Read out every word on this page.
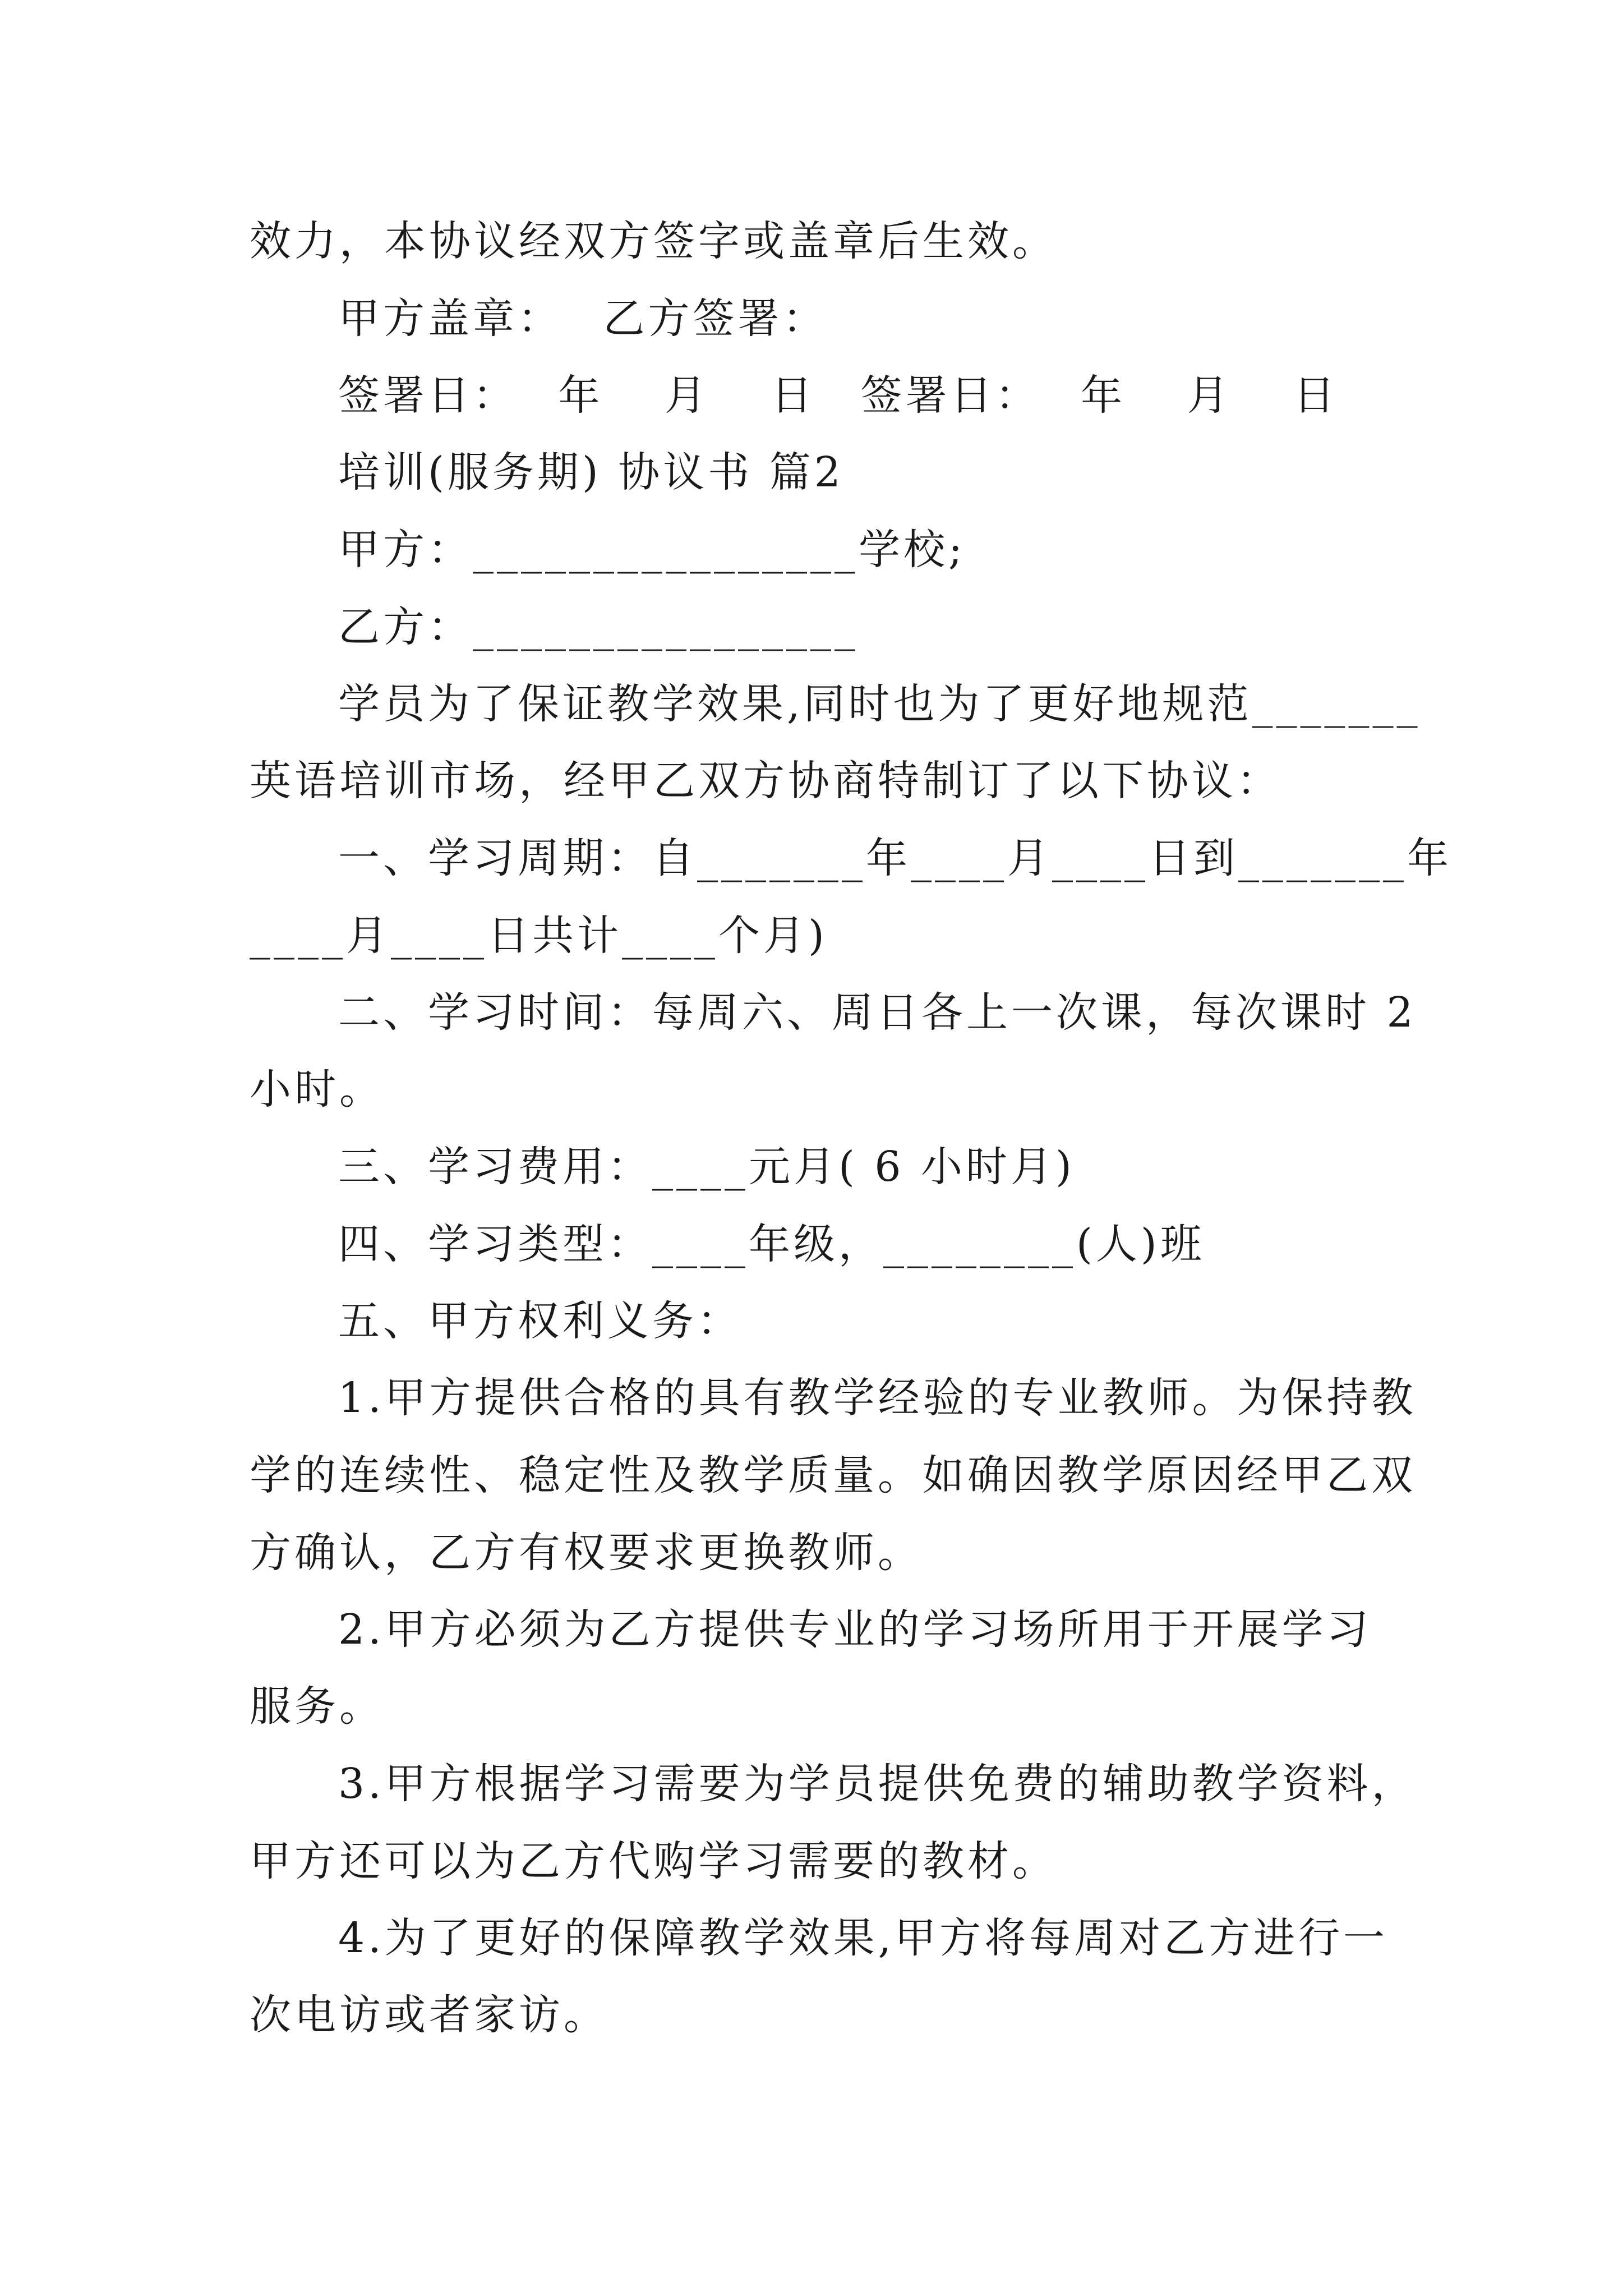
效力，本协议经双方签字或盖章后生效。
甲方盖章：　 乙方签署：
签署日：　 年　 月　 日　签署日：　 年　 月　 日
培训(服务期) 协议书 篇2
甲方：________________学校;
乙方：________________
学员为了保证教学效果,同时也为了更好地规范_______
英语培训市场，经甲乙双方协商特制订了以下协议：
一、学习周期：自_______年____月____日到_______年
____月____日共计____个月)
二、学习时间：每周六、周日各上一次课，每次课时 2
小时。
三、学习费用：____元月( 6 小时月)
四、学习类型：____年级，________(人)班
五、甲方权利义务：
1.甲方提供合格的具有教学经验的专业教师。为保持教
学的连续性、稳定性及教学质量。如确因教学原因经甲乙双
方确认，乙方有权要求更换教师。
2.甲方必须为乙方提供专业的学习场所用于开展学习
服务。
3.甲方根据学习需要为学员提供免费的辅助教学资料，
甲方还可以为乙方代购学习需要的教材。
4.为了更好的保障教学效果,甲方将每周对乙方进行一
次电访或者家访。
